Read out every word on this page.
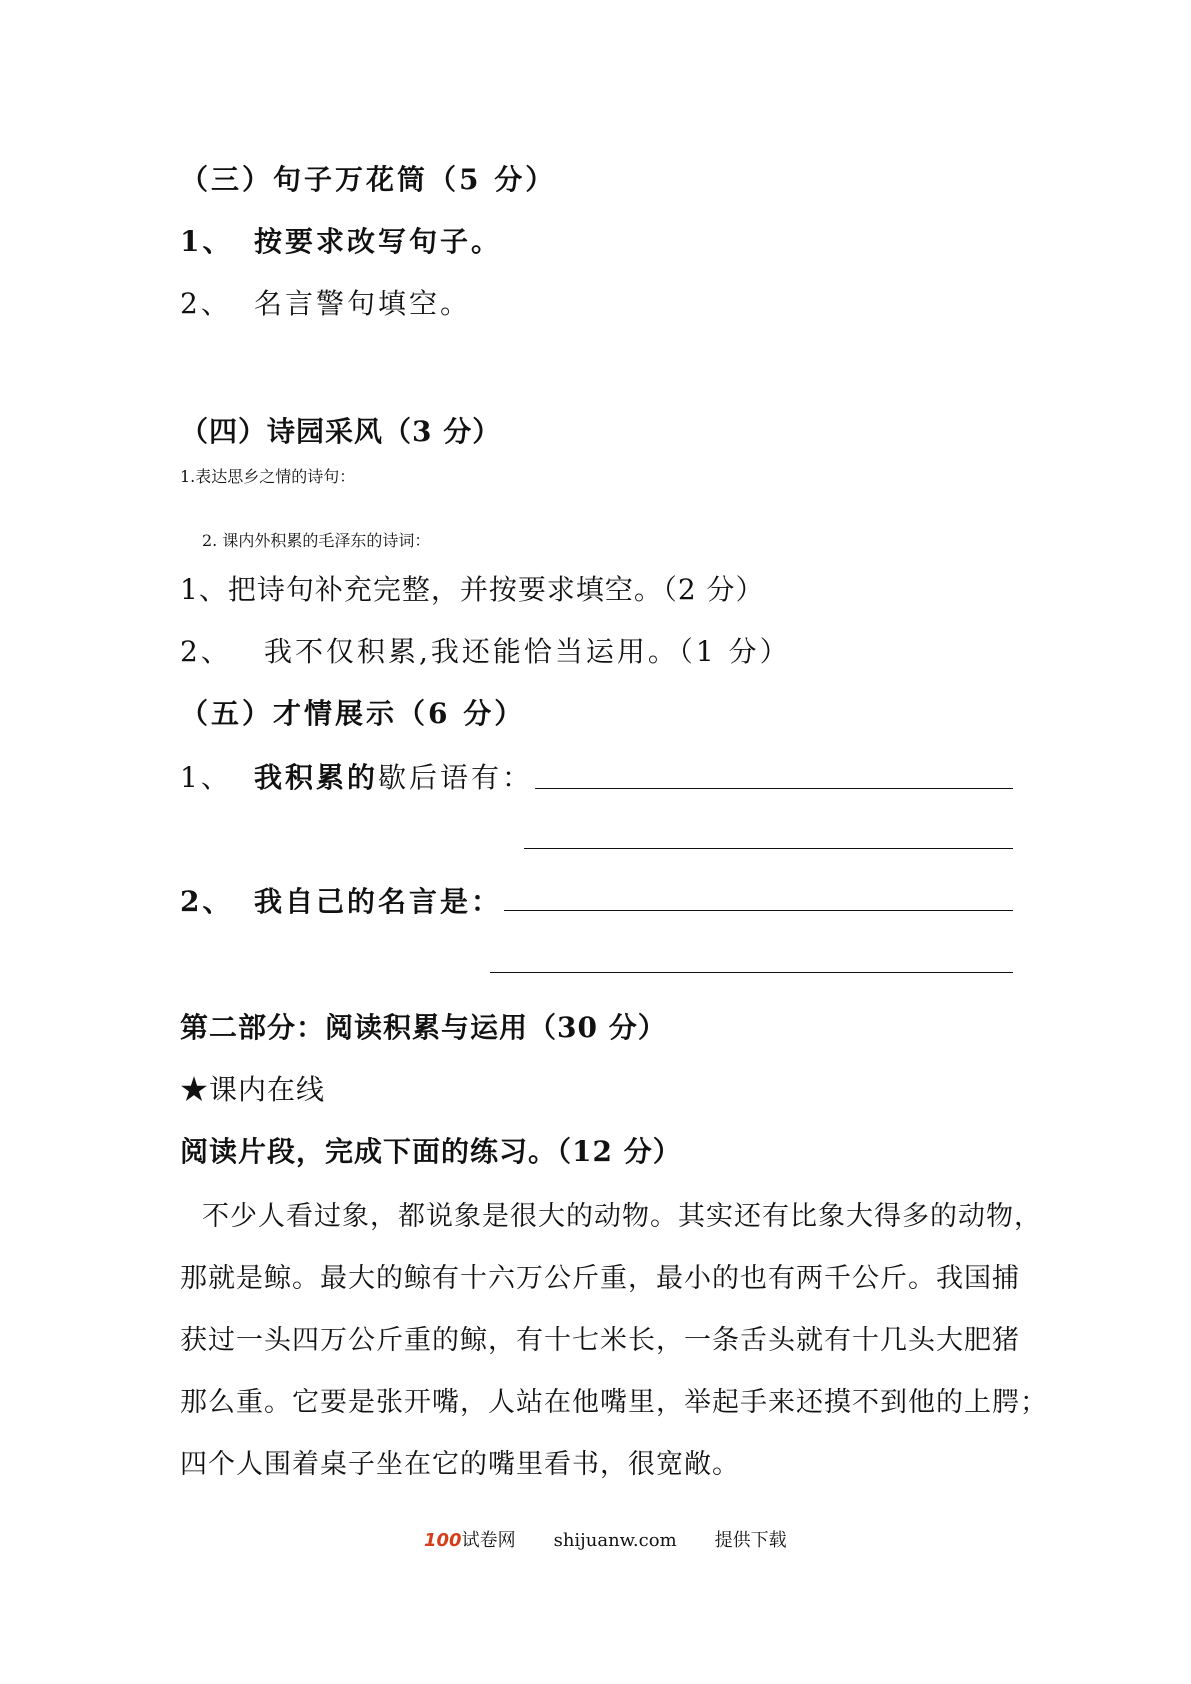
（三）句子万花筒（5 分）
1、 按要求改写句子。
2、 名言警句填空。
（四）诗园采风（3 分）
1.表达思乡之情的诗句：
2. 课内外积累的毛泽东的诗词：
1、把诗句补充完整，并按要求填空。（2 分）
2、 我不仅积累,我还能恰当运用。（1 分）
（五）才情展示（6 分）
1、 我积累的歇后语有：
2、 我自己的名言是：
第二部分：阅读积累与运用（30 分）
★课内在线
阅读片段，完成下面的练习。（12 分）
不少人看过象，都说象是很大的动物。其实还有比象大得多的动物，
那就是鲸。最大的鲸有十六万公斤重，最小的也有两千公斤。我国捕
获过一头四万公斤重的鲸，有十七米长，一条舌头就有十几头大肥猪
那么重。它要是张开嘴，人站在他嘴里，举起手来还摸不到他的上腭；
四个人围着桌子坐在它的嘴里看书，很宽敞。
100试卷网 shijuanw.com 提供下载
